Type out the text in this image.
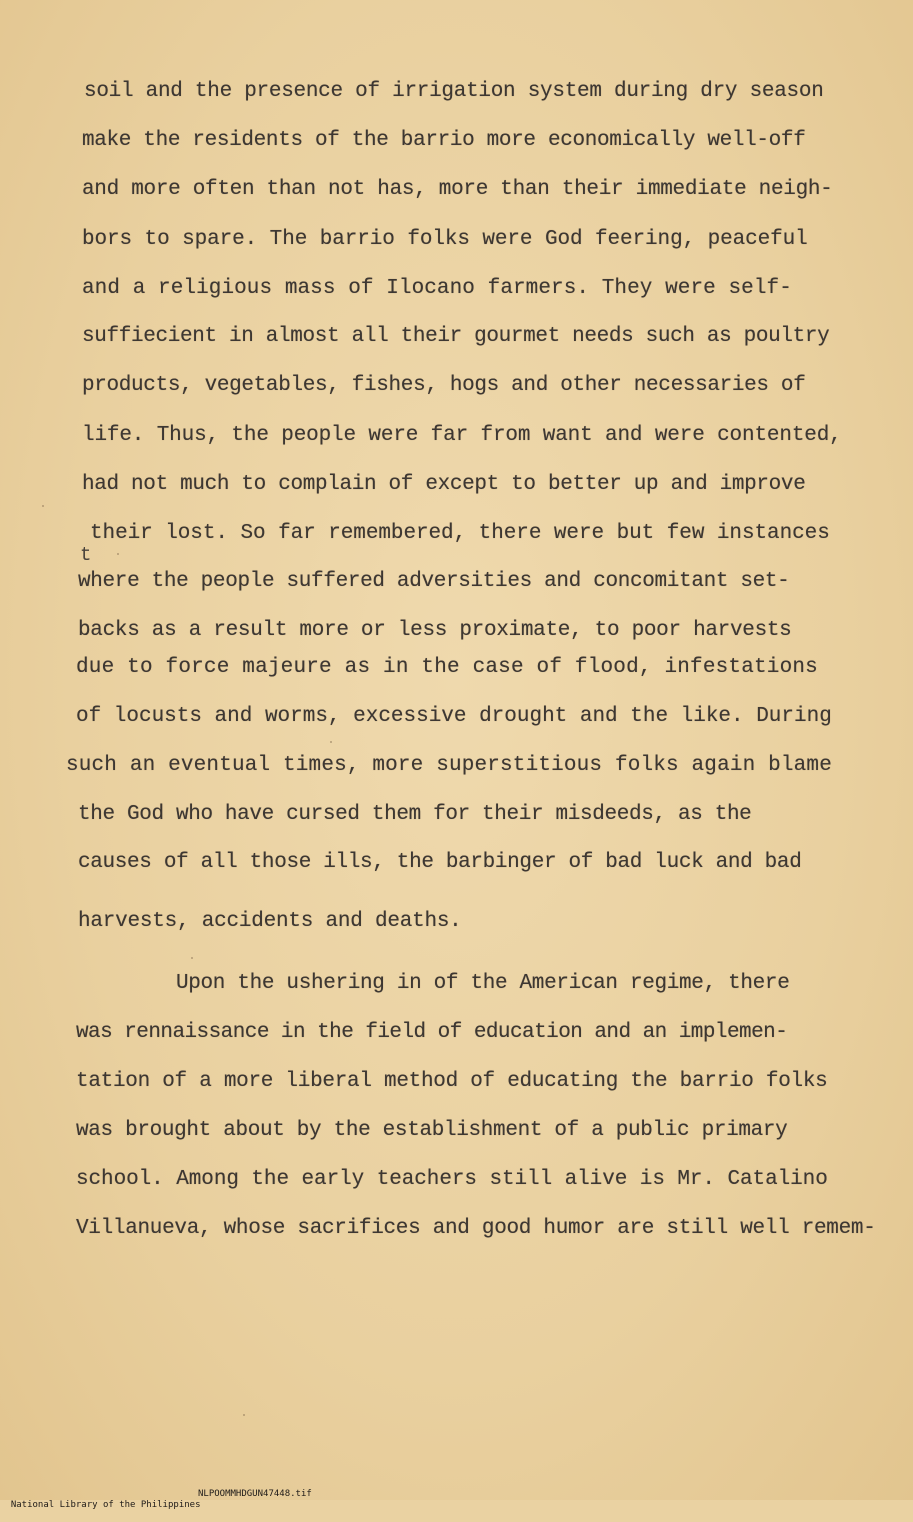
soil and the presence of irrigation system during dry season
make the residents of the barrio more economically well-off
and more often than not has, more than their immediate neigh-
bors to spare. The barrio folks were God feering, peaceful
and a religious mass of Ilocano farmers. They were self-
suffiecient in almost all their gourmet needs such as poultry
products, vegetables, fishes, hogs and other necessaries of
life. Thus, the people were far from want and were contented,
had not much to complain of except to better up and improve
their lost. So far remembered, there were but few instances
t
where the people suffered adversities and concomitant set-
backs as a result more or less proximate, to poor harvests
due to force majeure as in the case of flood, infestations
of locusts and worms, excessive drought and the like. During
such an eventual times, more superstitious folks again blame
the God who have cursed them for their misdeeds, as the
causes of all those ills, the barbinger of bad luck and bad
harvests, accidents and deaths.
Upon the ushering in of the American regime, there
was rennaissance in the field of education and an implemen-
tation of a more liberal method of educating the barrio folks
was brought about by the establishment of a public primary
school. Among the early teachers still alive is Mr. Catalino
Villanueva, whose sacrifices and good humor are still well remem-

National Library of the Philippines

NLPOOMMHDGUN47448.tif
